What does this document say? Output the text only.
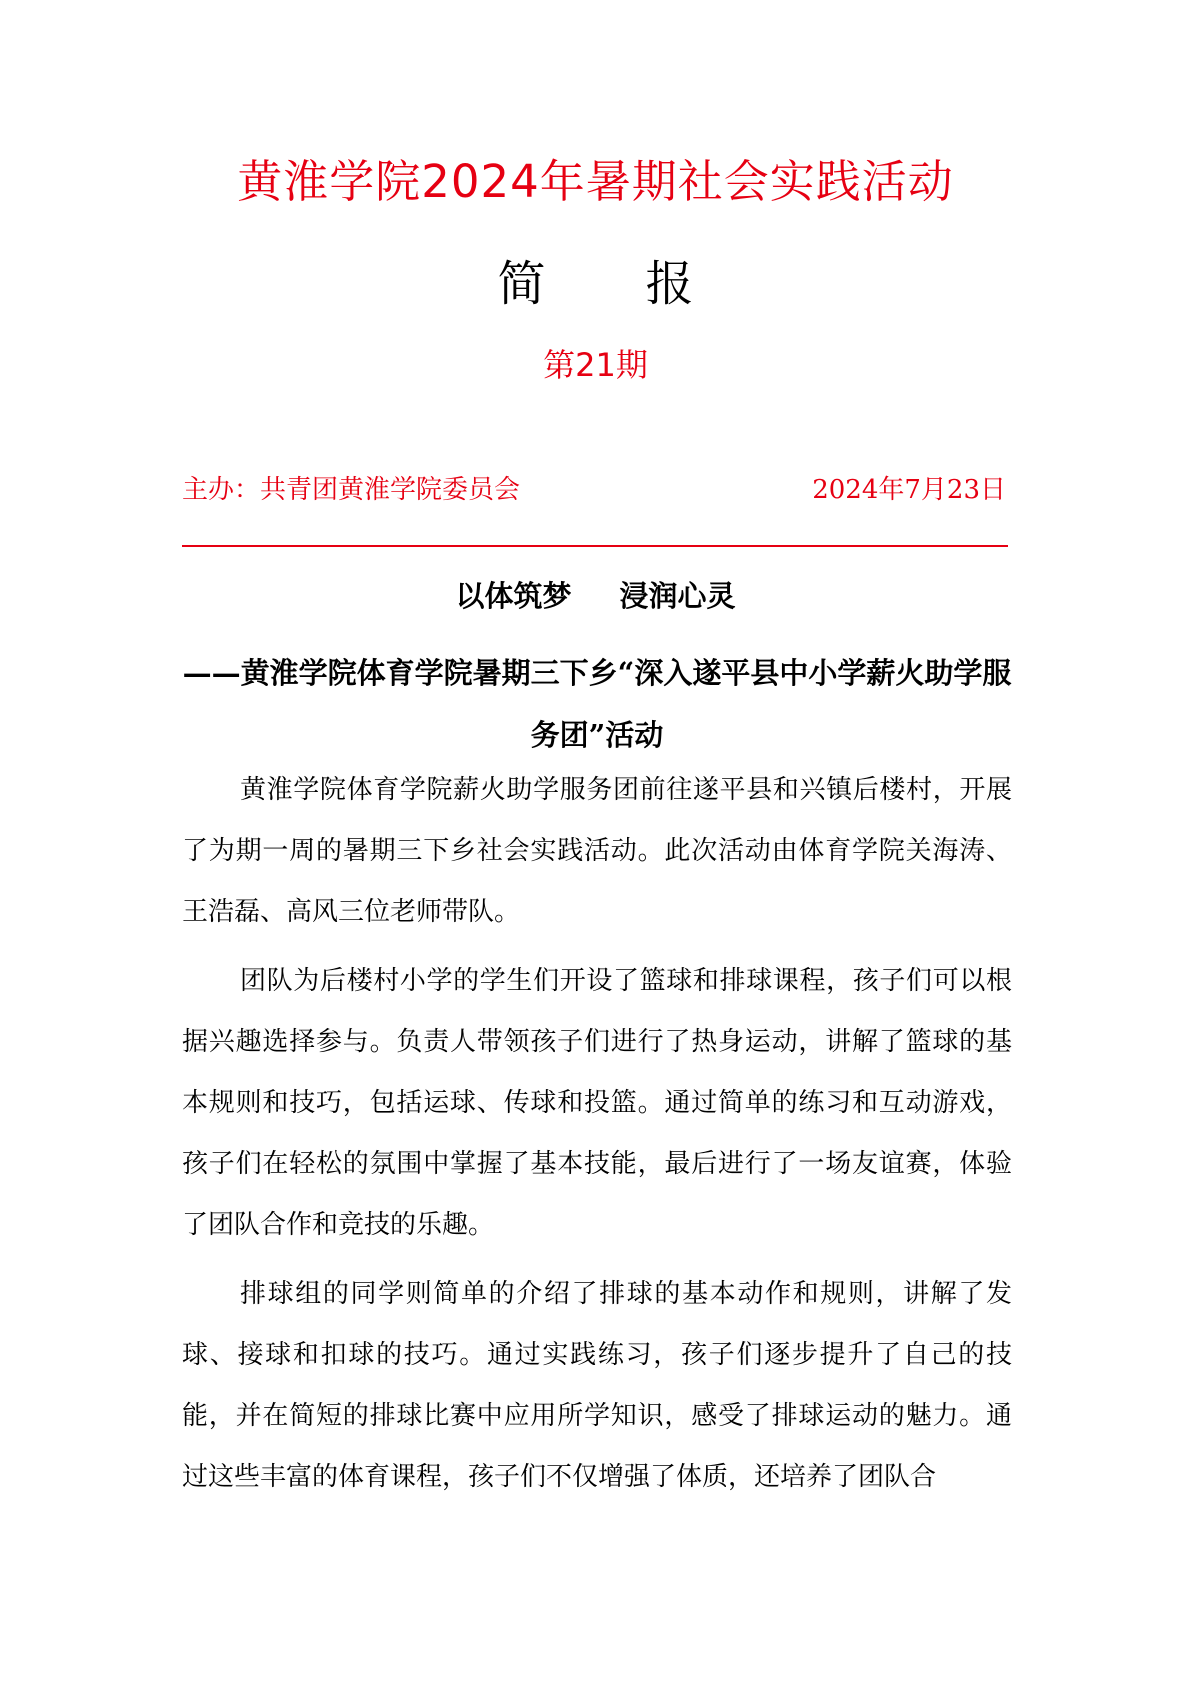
黄淮学院2024年暑期社会实践活动
简 报
第21期
主办：共青团黄淮学院委员会	2024年7月23日
以体筑梦 浸润心灵
——黄淮学院体育学院暑期三下乡“深入遂平县中小学薪火助学服务团”活动

黄淮学院体育学院薪火助学服务团前往遂平县和兴镇后楼村，开展了为期一周的暑期三下乡社会实践活动。此次活动由体育学院关海涛、王浩磊、高风三位老师带队。

团队为后楼村小学的学生们开设了篮球和排球课程，孩子们可以根据兴趣选择参与。负责人带领孩子们进行了热身运动，讲解了篮球的基本规则和技巧，包括运球、传球和投篮。通过简单的练习和互动游戏，孩子们在轻松的氛围中掌握了基本技能，最后进行了一场友谊赛，体验了团队合作和竞技的乐趣。

排球组的同学则简单的介绍了排球的基本动作和规则，讲解了发球、接球和扣球的技巧。通过实践练习，孩子们逐步提升了自己的技能，并在简短的排球比赛中应用所学知识，感受了排球运动的魅力。通过这些丰富的体育课程，孩子们不仅增强了体质，还培养了团队合
